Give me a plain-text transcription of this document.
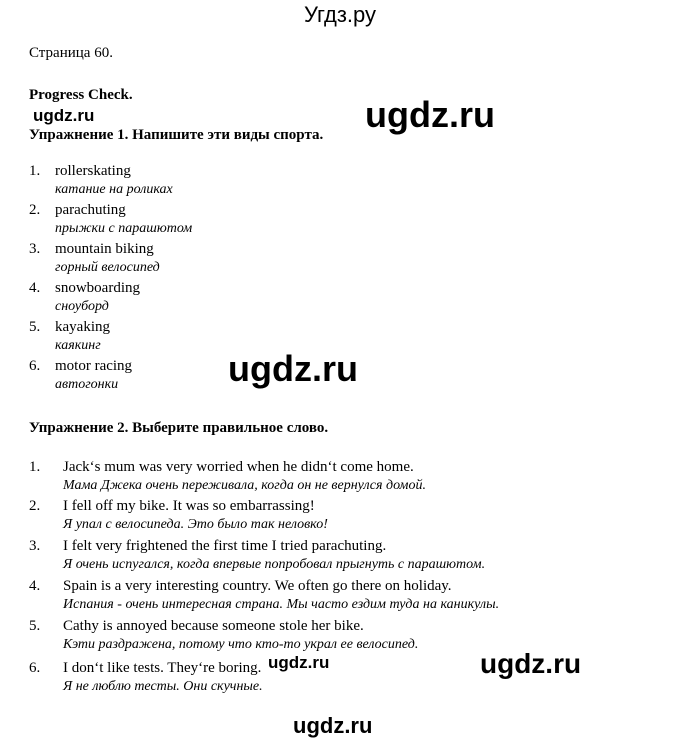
Угдз.ру
Страница 60.
Progress Check.
ugdz.ru	ugdz.ru
Упражнение 1. Напишите эти виды спорта.
1. rollerskating
катание на роликах
2. parachuting
прыжки с парашютом
3. mountain biking
горный велосипед
4. snowboarding
сноуборд
5. kayaking
каякинг
6. motor racing
автогонки	ugdz.ru
Упражнение 2. Выберите правильное слово.
1. Jack‘s mum was very worried when he didn‘t come home.
Мама Джека очень переживала, когда он не вернулся домой.
2. I fell off my bike. It was so embarrassing!
Я упал с велосипеда. Это было так неловко!
3. I felt very frightened the first time I tried parachuting.
Я очень испугался, когда впервые попробовал прыгнуть с парашютом.
4. Spain is a very interesting country. We often go there on holiday.
Испания - очень интересная страна. Мы часто ездим туда на каникулы.
5. Cathy is annoyed because someone stole her bike.
Кэти раздражена, потому что кто-то украл ее велосипед.
6. I don‘t like tests. They‘re boring.
Я не люблю тесты. Они скучные.
ugdz.ru	ugdz.ru
ugdz.ru
